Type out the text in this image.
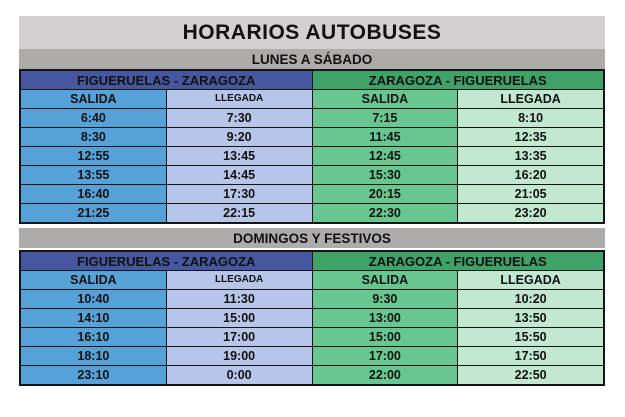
HORARIOS AUTOBUSES
LUNES A SÁBADO
FIGUERUELAS - ZARAGOZA	ZARAGOZA - FIGUERUELAS
SALIDA	LLEGADA	SALIDA	LLEGADA
6:40	7:30	7:15	8:10
8:30	9:20	11:45	12:35
12:55	13:45	12:45	13:35
13:55	14:45	15:30	16:20
16:40	17:30	20:15	21:05
21:25	22:15	22:30	23:20
DOMINGOS Y FESTIVOS
FIGUERUELAS - ZARAGOZA	ZARAGOZA - FIGUERUELAS
SALIDA	LLEGADA	SALIDA	LLEGADA
10:40	11:30	9:30	10:20
14:10	15:00	13:00	13:50
16:10	17:00	15:00	15:50
18:10	19:00	17:00	17:50
23:10	0:00	22:00	22:50
